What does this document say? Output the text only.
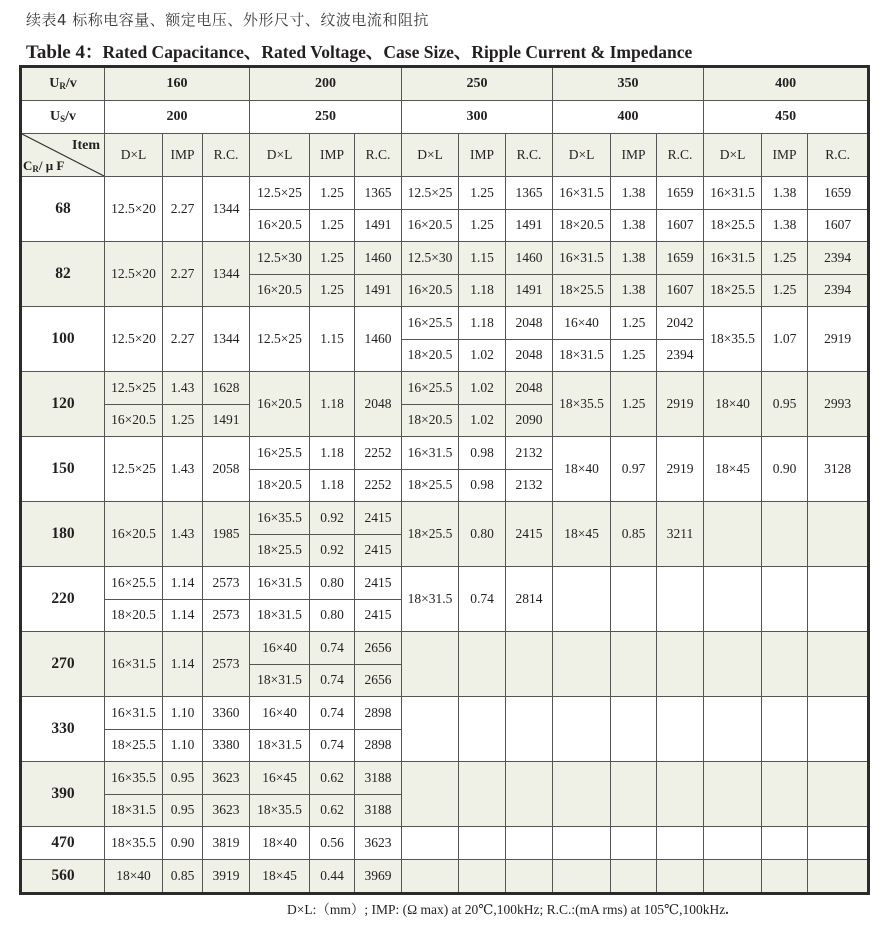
续表4 标称电容量、额定电压、外形尺寸、纹波电流和阻抗
Table 4：Rated Capacitance、Rated Voltage、Case Size、Ripple Current & Impedance
$U_R/v$	160			200			250			350			400		
$U_S/v$	200			250			300			400			450		

Item
$C_R/$ μ F	D×L	IMP	R.C.	D×L	IMP	R.C.	D×L	IMP	R.C.	D×L	IMP	R.C.	D×L	IMP	R.C.
68	12.5×20	2.27	1344	12.5×25	1.25	1365	12.5×25	1.25	1365	16×31.5	1.38	1659	16×31.5	1.38	1659
				16×20.5	1.25	1491	16×20.5	1.25	1491	18×20.5	1.38	1607	18×25.5	1.38	1607
82	12.5×20	2.27	1344	12.5×30	1.25	1460	12.5×30	1.15	1460	16×31.5	1.38	1659	16×31.5	1.25	2394
				16×20.5	1.25	1491	16×20.5	1.18	1491	18×25.5	1.38	1607	18×25.5	1.25	2394
100	12.5×20	2.27	1344	12.5×25	1.15	1460	16×25.5	1.18	2048	16×40	1.25	2042	18×35.5	1.07	2919
							18×20.5	1.02	2048	18×31.5	1.25	2394			
120	12.5×25	1.43	1628	16×20.5	1.18	2048	16×25.5	1.02	2048	18×35.5	1.25	2919	18×40	0.95	2993
	16×20.5	1.25	1491				18×20.5	1.02	2090						
150	12.5×25	1.43	2058	16×25.5	1.18	2252	16×31.5	0.98	2132	18×40	0.97	2919	18×45	0.90	3128
				18×20.5	1.18	2252	18×25.5	0.98	2132						
180	16×20.5	1.43	1985	16×35.5	0.92	2415	18×25.5	0.80	2415	18×45	0.85	3211			
				18×25.5	0.92	2415									
220	16×25.5	1.14	2573	16×31.5	0.80	2415	18×31.5	0.74	2814						
	18×20.5	1.14	2573	18×31.5	0.80	2415									
270	16×31.5	1.14	2573	16×40	0.74	2656									
				18×31.5	0.74	2656									
330	16×31.5	1.10	3360	16×40	0.74	2898									
	18×25.5	1.10	3380	18×31.5	0.74	2898									
390	16×35.5	0.95	3623	16×45	0.62	3188									
	18×31.5	0.95	3623	18×35.5	0.62	3188									
470	18×35.5	0.90	3819	18×40	0.56	3623									
560	18×40	0.85	3919	18×45	0.44	3969									
D×L:（mm）; IMP: (Ω max) at 20℃,100kHz; R.C.:(mA rms) at 105℃,100kHz.
